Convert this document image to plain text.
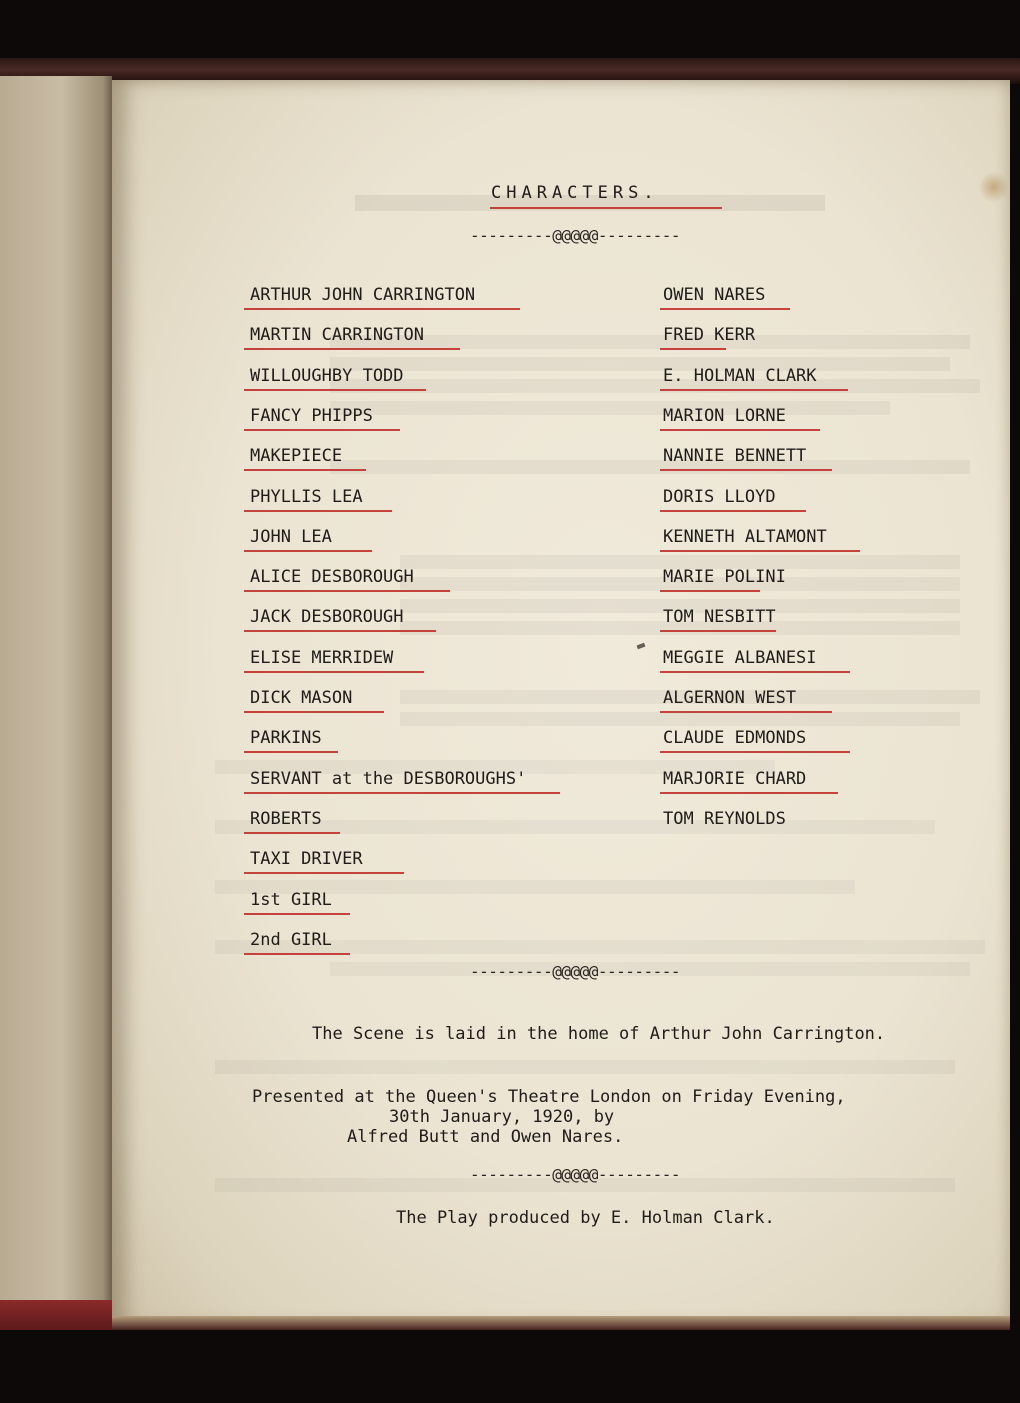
CHARACTERS.
---------@@@@@---------
ARTHUR JOHN CARRINGTON	OWEN NARES
MARTIN CARRINGTON	FRED KERR
WILLOUGHBY TODD	E. HOLMAN CLARK
FANCY PHIPPS	MARION LORNE
MAKEPIECE	NANNIE BENNETT
PHYLLIS LEA	DORIS LLOYD
JOHN LEA	KENNETH ALTAMONT
ALICE DESBOROUGH	MARIE POLINI
JACK DESBOROUGH	TOM NESBITT
ELISE MERRIDEW	MEGGIE ALBANESI
DICK MASON	ALGERNON WEST
PARKINS	CLAUDE EDMONDS
SERVANT at the DESBOROUGHS'	MARJORIE CHARD
ROBERTS	TOM REYNOLDS
TAXI DRIVER
1st GIRL
2nd GIRL
---------@@@@@---------
The Scene is laid in the home of Arthur John Carrington.
Presented at the Queen's Theatre London on Friday Evening,
30th January, 1920, by
Alfred Butt and Owen Nares.
---------@@@@@---------
The Play produced by E. Holman Clark.
